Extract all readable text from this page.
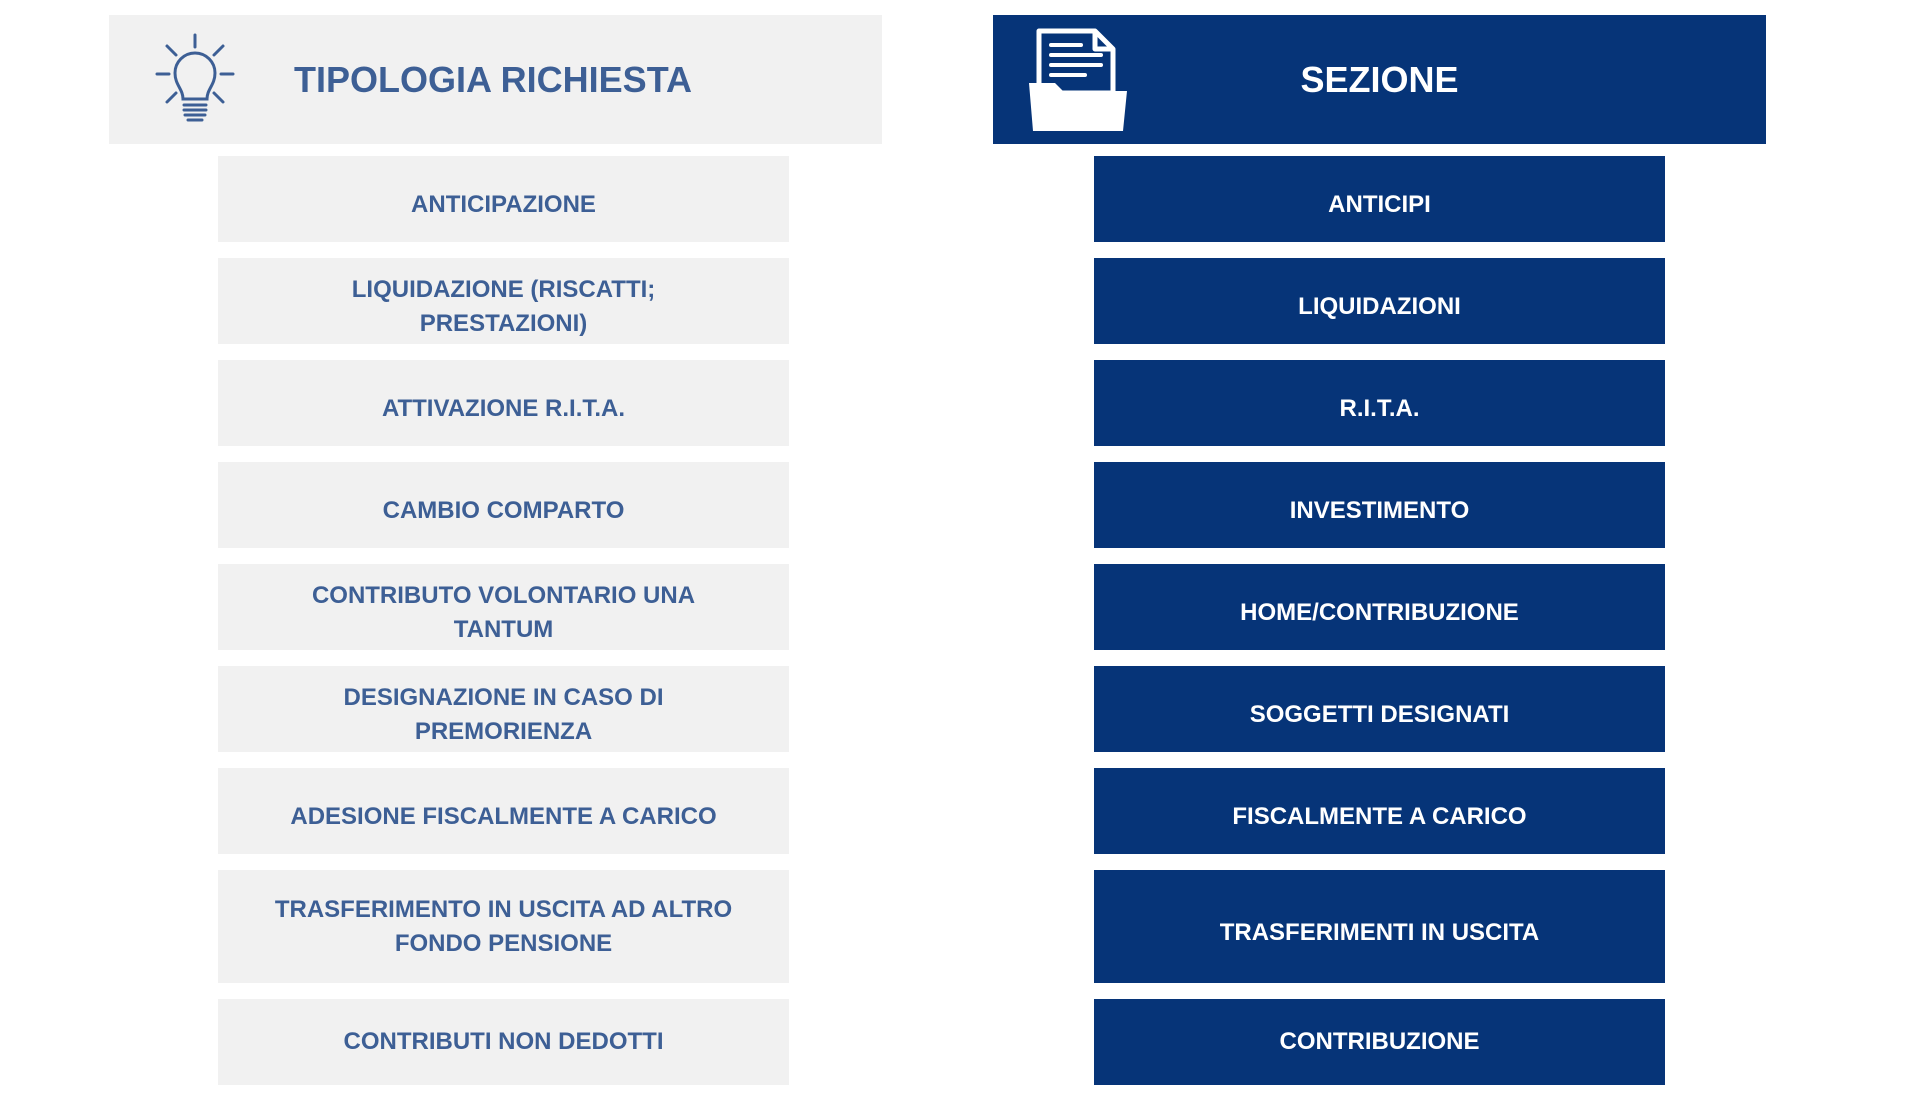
TIPOLOGIA RICHIESTA	SEZIONE
ANTICIPAZIONE
LIQUIDAZIONE (RISCATTI; PRESTAZIONI)
ATTIVAZIONE R.I.T.A.
CAMBIO COMPARTO
CONTRIBUTO VOLONTARIO UNA TANTUM
DESIGNAZIONE IN CASO DI PREMORIENZA
ADESIONE FISCALMENTE A CARICO
TRASFERIMENTO IN USCITA AD ALTRO FONDO PENSIONE
CONTRIBUTI NON DEDOTTI
ANTICIPI
LIQUIDAZIONI
R.I.T.A.
INVESTIMENTO
HOME/CONTRIBUZIONE
SOGGETTI DESIGNATI
FISCALMENTE A CARICO
TRASFERIMENTI IN USCITA
CONTRIBUZIONE
